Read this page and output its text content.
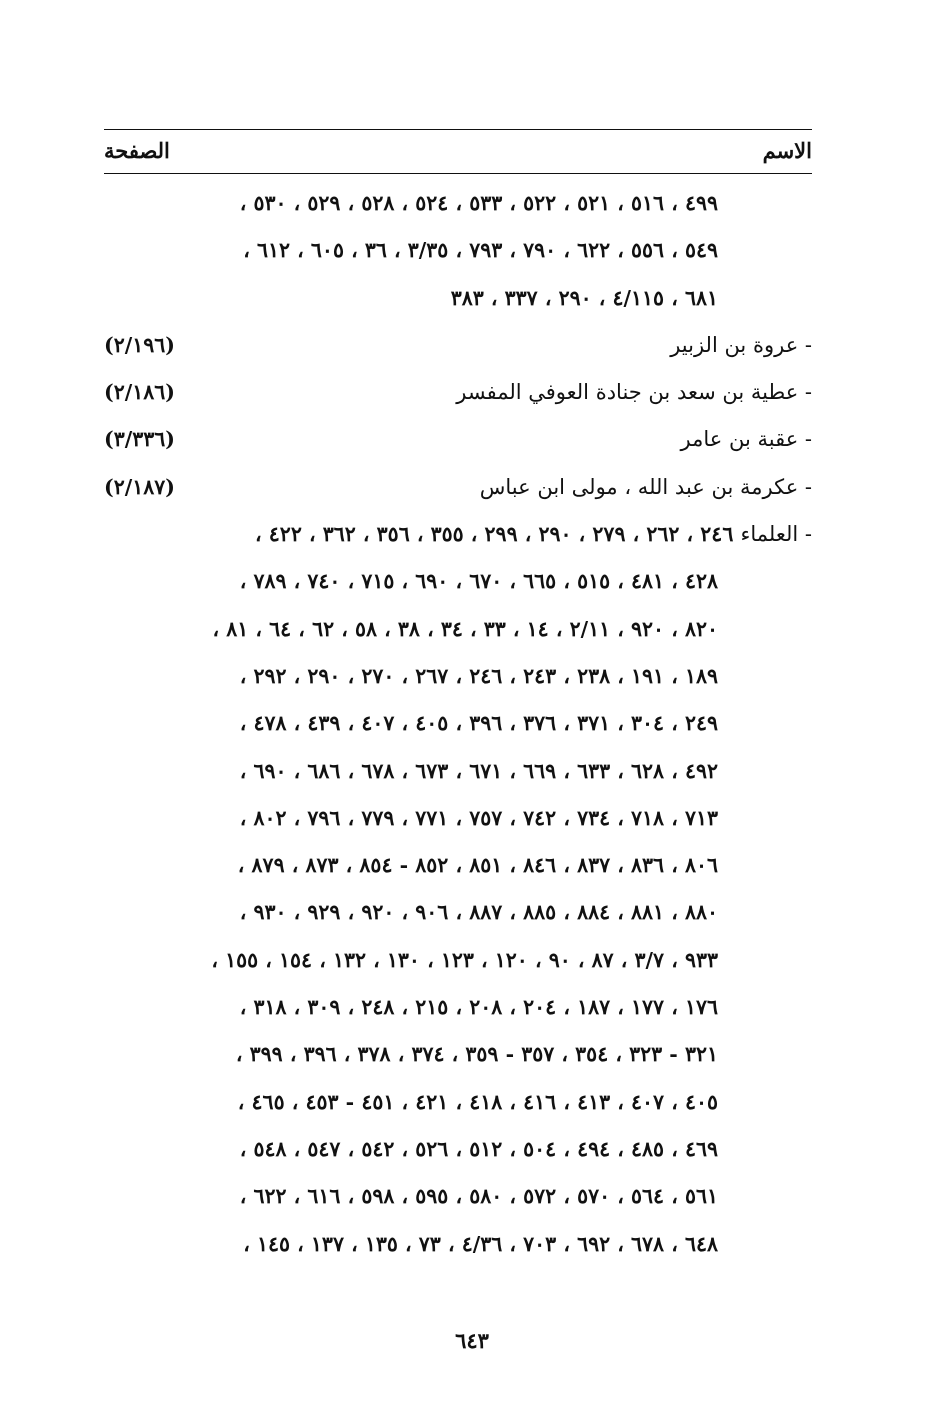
الاسم
الصفحة
٤٩٩ ، ٥١٦ ، ٥٢١ ، ٥٢٢ ، ٥٣٣ ، ٥٢٤ ، ٥٢٨ ، ٥٢٩ ، ٥٣٠ ،
٥٤٩ ، ٥٥٦ ، ٦٢٢ ، ٧٩٠ ، ٧٩٣ ، ٣/٣٥ ، ٣٦ ، ٦٠٥ ، ٦١٢ ،
٦٨١ ، ٤/١١٥ ، ٢٩٠ ، ٣٣٧ ، ٣٨٣
- عروة بن الزبير
(٢/١٩٦)
- عطية بن سعد بن جنادة العوفي المفسر
(٢/١٨٦)
- عقبة بن عامر
(٣/٣٣٦)
- عكرمة بن عبد الله ، مولى ابن عباس
(٢/١٨٧)
- العلماء ٢٤٦ ، ٢٦٢ ، ٢٧٩ ، ٢٩٠ ، ٢٩٩ ، ٣٥٥ ، ٣٥٦ ، ٣٦٢ ، ٤٢٢ ،
٤٢٨ ، ٤٨١ ، ٥١٥ ، ٦٦٥ ، ٦٧٠ ، ٦٩٠ ، ٧١٥ ، ٧٤٠ ، ٧٨٩ ،
٨٢٠ ، ٩٢٠ ، ٢/١١ ، ١٤ ، ٣٣ ، ٣٤ ، ٣٨ ، ٥٨ ، ٦٢ ، ٦٤ ، ٨١ ،
١٨٩ ، ١٩١ ، ٢٣٨ ، ٢٤٣ ، ٢٤٦ ، ٢٦٧ ، ٢٧٠ ، ٢٩٠ ، ٢٩٢ ،
٢٤٩ ، ٣٠٤ ، ٣٧١ ، ٣٧٦ ، ٣٩٦ ، ٤٠٥ ، ٤٠٧ ، ٤٣٩ ، ٤٧٨ ،
٤٩٢ ، ٦٢٨ ، ٦٣٣ ، ٦٦٩ ، ٦٧١ ، ٦٧٣ ، ٦٧٨ ، ٦٨٦ ، ٦٩٠ ،
٧١٣ ، ٧١٨ ، ٧٣٤ ، ٧٤٢ ، ٧٥٧ ، ٧٧١ ، ٧٧٩ ، ٧٩٦ ، ٨٠٢ ،
٨٠٦ ، ٨٣٦ ، ٨٣٧ ، ٨٤٦ ، ٨٥١ ، ٨٥٢ - ٨٥٤ ، ٨٧٣ ، ٨٧٩ ،
٨٨٠ ، ٨٨١ ، ٨٨٤ ، ٨٨٥ ، ٨٨٧ ، ٩٠٦ ، ٩٢٠ ، ٩٢٩ ، ٩٣٠ ،
٩٣٣ ، ٣/٧ ، ٨٧ ، ٩٠ ، ١٢٠ ، ١٢٣ ، ١٣٠ ، ١٣٢ ، ١٥٤ ، ١٥٥ ،
١٧٦ ، ١٧٧ ، ١٨٧ ، ٢٠٤ ، ٢٠٨ ، ٢١٥ ، ٢٤٨ ، ٣٠٩ ، ٣١٨ ،
٣٢١ - ٣٢٣ ، ٣٥٤ ، ٣٥٧ - ٣٥٩ ، ٣٧٤ ، ٣٧٨ ، ٣٩٦ ، ٣٩٩ ،
٤٠٥ ، ٤٠٧ ، ٤١٣ ، ٤١٦ ، ٤١٨ ، ٤٢١ ، ٤٥١ - ٤٥٣ ، ٤٦٥ ،
٤٦٩ ، ٤٨٥ ، ٤٩٤ ، ٥٠٤ ، ٥١٢ ، ٥٢٦ ، ٥٤٢ ، ٥٤٧ ، ٥٤٨ ،
٥٦١ ، ٥٦٤ ، ٥٧٠ ، ٥٧٢ ، ٥٨٠ ، ٥٩٥ ، ٥٩٨ ، ٦١٦ ، ٦٢٢ ،
٦٤٨ ، ٦٧٨ ، ٦٩٢ ، ٧٠٣ ، ٤/٣٦ ، ٧٣ ، ١٣٥ ، ١٣٧ ، ١٤٥ ،
٦٤٣
